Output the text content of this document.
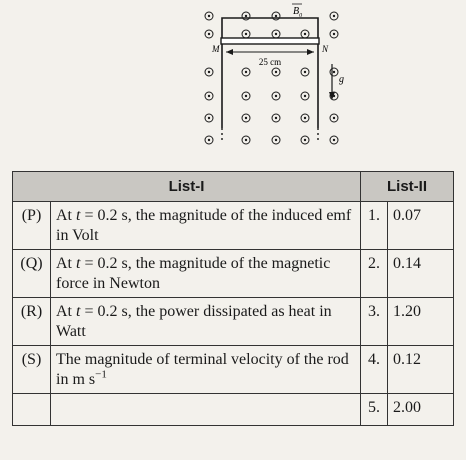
25 cm
M	N
$B_0$
g
List-I		List-II	
(P)	At t = 0.2 s, the magnitude of the induced emf in Volt	1.	0.07
(Q)	At t = 0.2 s, the magnitude of the magnetic force in Newton	2.	0.14
(R)	At t = 0.2 s, the power dissipated as heat in Watt	3.	1.20
(S)	The magnitude of terminal velocity of the rod in m $s^{-1}$	4.	0.12
		5.	2.00
